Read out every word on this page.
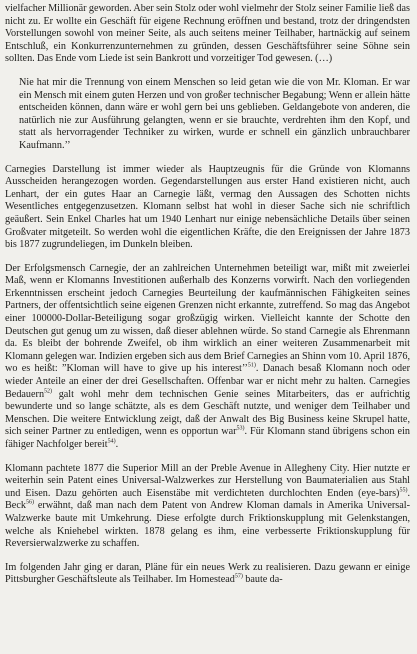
vielfacher Millionär geworden. Aber sein Stolz oder wohl vielmehr der Stolz seiner Familie ließ das nicht zu. Er wollte ein Geschäft für eigene Rechnung eröffnen und bestand, trotz der dringendsten Vorstellungen sowohl von meiner Seite, als auch seitens meiner Teilhaber, hartnäckig auf seinem Entschluß, ein Konkurrenzunternehmen zu gründen, dessen Geschäftsführer seine Söhne sein sollten. Das Ende vom Liede ist sein Bankrott und vorzeitiger Tod gewesen. (…)

Nie hat mir die Trennung von einem Menschen so leid getan wie die von Mr. Kloman. Er war ein Mensch mit einem guten Herzen und von großer technischer Begabung; Wenn er allein hätte entscheiden können, dann wäre er wohl gern bei uns geblieben. Geldangebote von anderen, die natürlich nie zur Ausführung gelangten, wenn er sie brauchte, verdrehten ihm den Kopf, und statt als hervorragender Techniker zu wirken, wurde er schnell ein gänzlich unbrauchbarer Kaufmann.’’

Carnegies Darstellung ist immer wieder als Hauptzeugnis für die Gründe von Klomanns Ausscheiden herangezogen worden. Gegendarstellungen aus erster Hand existieren nicht, auch Lenhart, der ein gutes Haar an Carnegie läßt, vermag den Aussagen des Schotten nichts Wesentliches entgegenzusetzen. Klomann selbst hat wohl in dieser Sache sich nie schriftlich geäußert. Sein Enkel Charles hat um 1940 Lenhart nur einige nebensächliche Details über seinen Großvater mitgeteilt. So werden wohl die eigentlichen Kräfte, die den Ereignissen der Jahre 1873 bis 1877 zugrundeliegen, im Dunkeln bleiben.

Der Erfolgsmensch Carnegie, der an zahlreichen Unternehmen beteiligt war, mißt mit zweierlei Maß, wenn er Klomanns Investitionen außerhalb des Konzerns vorwirft. Nach den vorliegenden Erkenntnissen erscheint jedoch Carnegies Beurteilung der kaufmännischen Fähigkeiten seines Partners, der offentsichtlich seine eigenen Grenzen nicht erkannte, zutreffend. So mag das Angebot einer 100000-Dollar-Beteiligung sogar großzügig wirken. Vielleicht kannte der Schotte den Deutschen gut genug um zu wissen, daß dieser ablehnen würde. So stand Carnegie als Ehrenmann da. Es bleibt der bohrende Zweifel, ob ihm wirklich an einer weiteren Zusammenarbeit mit Klomann gelegen war. Indizien ergeben sich aus dem Brief Carnegies an Shinn vom 10. April 1876, wo es heißt: ”Kloman will have to give up his interest’’$^{51)}$. Danach besaß Klomann noch oder wieder Anteile an einer der drei Gesellschaften. Offenbar war er nicht mehr zu halten. Carnegies Bedauern$^{52)}$ galt wohl mehr dem technischen Genie seines Mitarbeiters, das er aufrichtig bewunderte und so lange schätzte, als es dem Geschäft nutzte, und weniger dem Teilhaber und Menschen. Die weitere Entwicklung zeigt, daß der Anwalt des Big Business keine Skrupel hatte, sich seiner Partner zu entledigen, wenn es opportun war$^{53)}$. Für Klomann stand übrigens schon ein fähiger Nachfolger bereit$^{54)}$.

Klomann pachtete 1877 die Superior Mill an der Preble Avenue in Allegheny City. Hier nutzte er weiterhin sein Patent eines Universal-Walzwerkes zur Herstellung von Baumaterialien aus Stahl und Eisen. Dazu gehörten auch Eisenstäbe mit verdichteten durchlochten Enden (eye-bars)$^{55)}$. Beck$^{56)}$ erwähnt, daß man nach dem Patent von Andrew Kloman damals in Amerika Universal-Walzwerke baute mit Umkehrung. Diese erfolgte durch Friktionskupplung mit Gelenkstangen, welche als Kniehebel wirkten. 1878 gelang es ihm, eine verbesserte Friktionskupplung für Reversierwalzwerke zu schaffen.

Im folgenden Jahr ging er daran, Pläne für ein neues Werk zu realisieren. Dazu gewann er einige Pittsburgher Geschäftsleute als Teilhaber. Im Homestead$^{57)}$ baute da-
